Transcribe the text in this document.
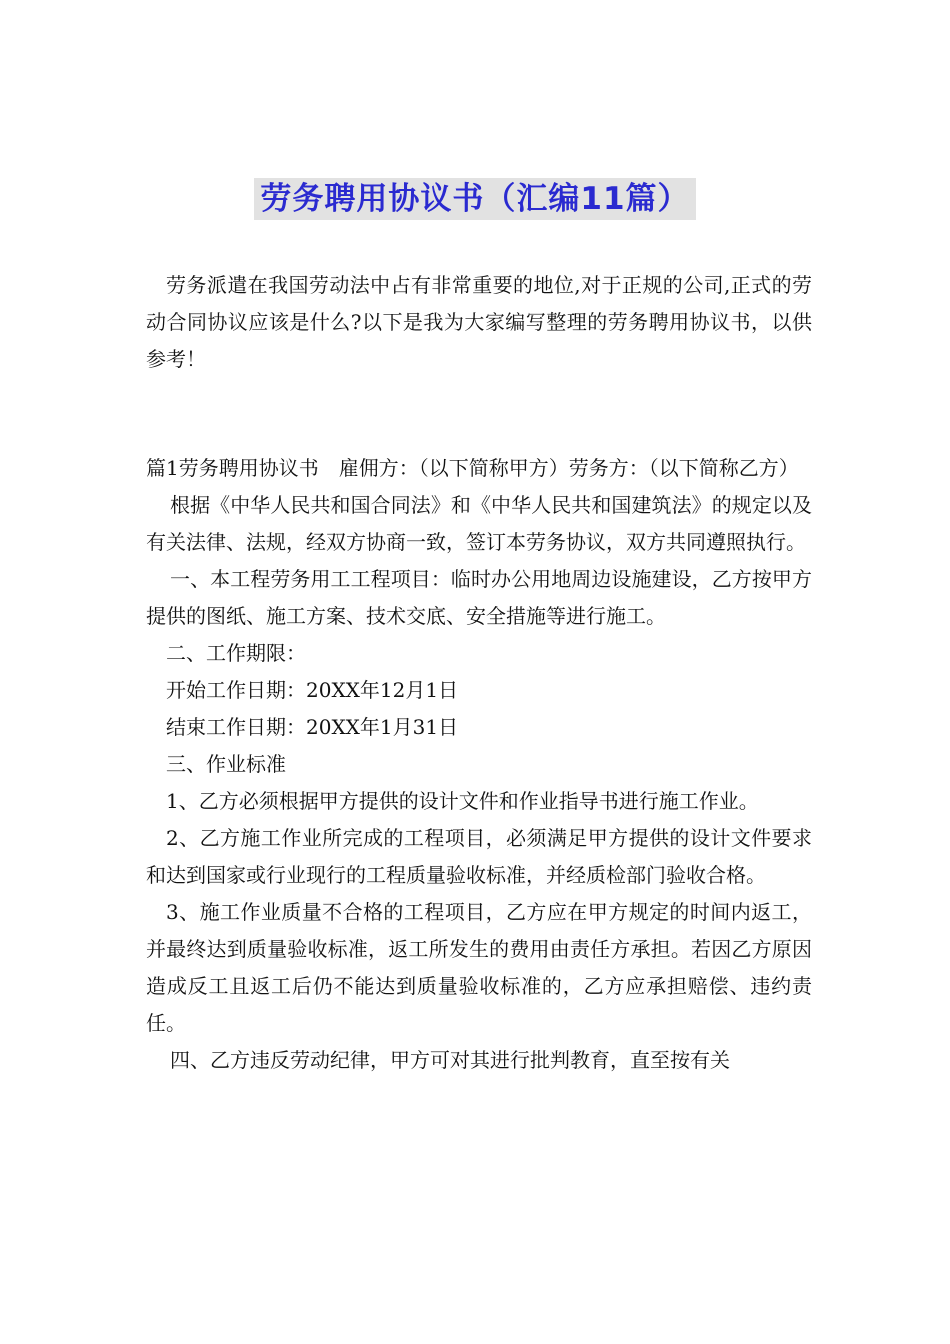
劳务聘用协议书（汇编11篇）

劳务派遣在我国劳动法中占有非常重要的地位,对于正规的公司,正式的劳动合同协议应该是什么?以下是我为大家编写整理的劳务聘用协议书，以供参考！

篇1劳务聘用协议书　雇佣方：（以下简称甲方）劳务方：（以下简称乙方）

根据《中华人民共和国合同法》和《中华人民共和国建筑法》的规定以及有关法律、法规，经双方协商一致，签订本劳务协议，双方共同遵照执行。

一、本工程劳务用工工程项目：临时办公用地周边设施建设，乙方按甲方提供的图纸、施工方案、技术交底、安全措施等进行施工。

二、工作期限：

开始工作日期：20XX年12月1日

结束工作日期：20XX年1月31日

三、作业标准

1、乙方必须根据甲方提供的设计文件和作业指导书进行施工作业。

2、乙方施工作业所完成的工程项目，必须满足甲方提供的设计文件要求和达到国家或行业现行的工程质量验收标准，并经质检部门验收合格。

3、施工作业质量不合格的工程项目，乙方应在甲方规定的时间内返工，并最终达到质量验收标准，返工所发生的费用由责任方承担。若因乙方原因造成反工且返工后仍不能达到质量验收标准的，乙方应承担赔偿、违约责任。

四、乙方违反劳动纪律，甲方可对其进行批判教育，直至按有关
